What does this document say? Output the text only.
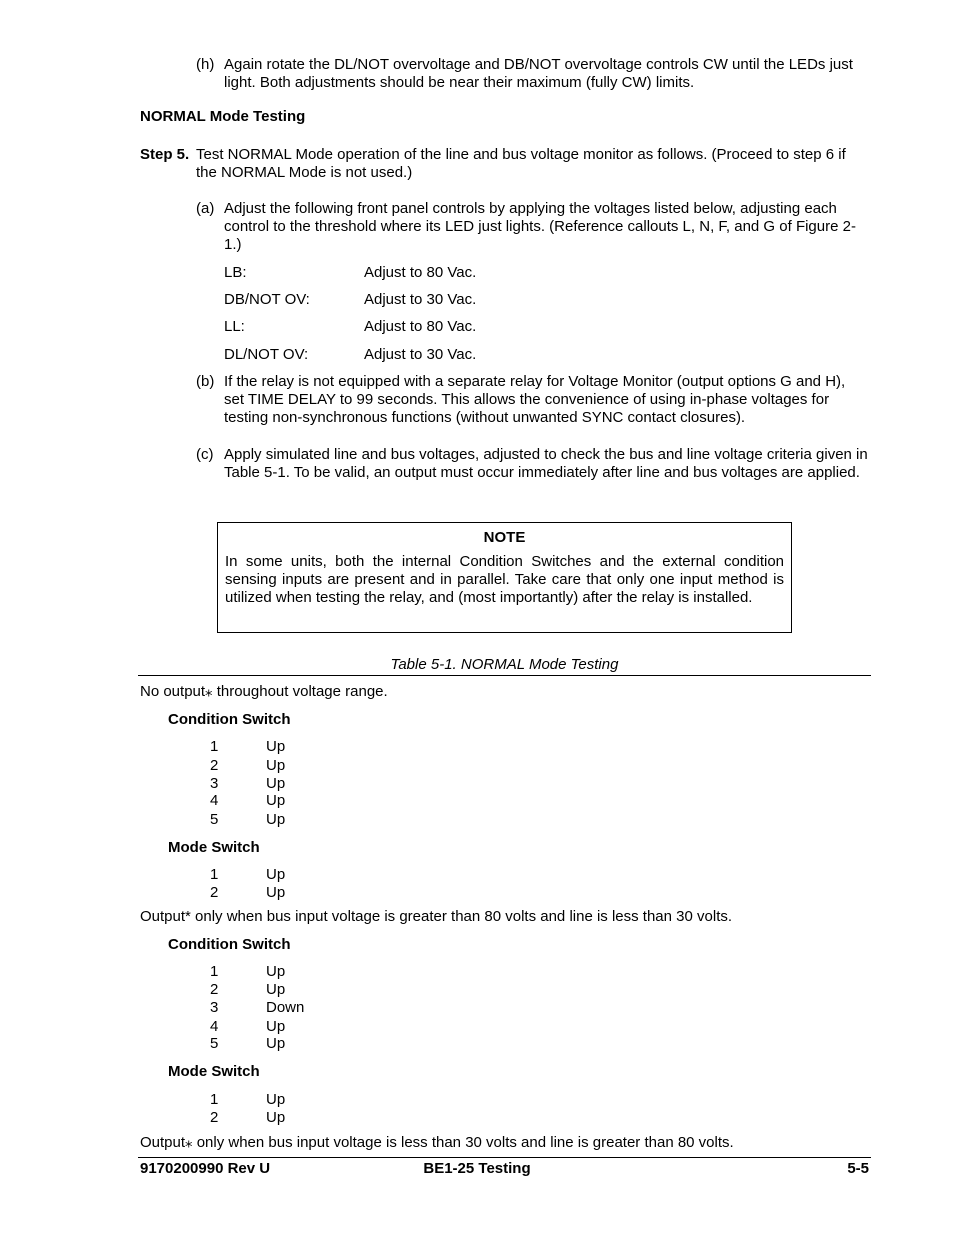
(h) Again rotate the DL/NOT overvoltage and DB/NOT overvoltage controls CW until the LEDs just light. Both adjustments should be near their maximum (fully CW) limits.
NORMAL Mode Testing
Step 5. Test NORMAL Mode operation of the line and bus voltage monitor as follows. (Proceed to step 6 if the NORMAL Mode is not used.)
(a) Adjust the following front panel controls by applying the voltages listed below, adjusting each control to the threshold where its LED just lights. (Reference callouts L, N, F, and G of Figure 2-1.)
LB:	Adjust to 80 Vac.
DB/NOT OV:	Adjust to 30 Vac.
LL:	Adjust to 80 Vac.
DL/NOT OV:	Adjust to 30 Vac.
(b) If the relay is not equipped with a separate relay for Voltage Monitor (output options G and H), set TIME DELAY to 99 seconds. This allows the convenience of using in-phase voltages for testing non-synchronous functions (without unwanted SYNC contact closures).
(c) Apply simulated line and bus voltages, adjusted to check the bus and line voltage criteria given in Table 5-1. To be valid, an output must occur immediately after line and bus voltages are applied.
NOTE
In some units, both the internal Condition Switches and the external condition sensing inputs are present and in parallel. Take care that only one input method is utilized when testing the relay, and (most importantly) after the relay is installed.
Table 5-1. NORMAL Mode Testing
No output⁎ throughout voltage range.
Condition Switch
1	Up
2	Up
3	Up
4	Up
5	Up
Mode Switch
1	Up
2	Up
Output* only when bus input voltage is greater than 80 volts and line is less than 30 volts.
Condition Switch
1	Up
2	Up
3	Down
4	Up
5	Up
Mode Switch
1	Up
2	Up
Output⁎ only when bus input voltage is less than 30 volts and line is greater than 80 volts.
9170200990 Rev U	BE1-25 Testing	5-5
